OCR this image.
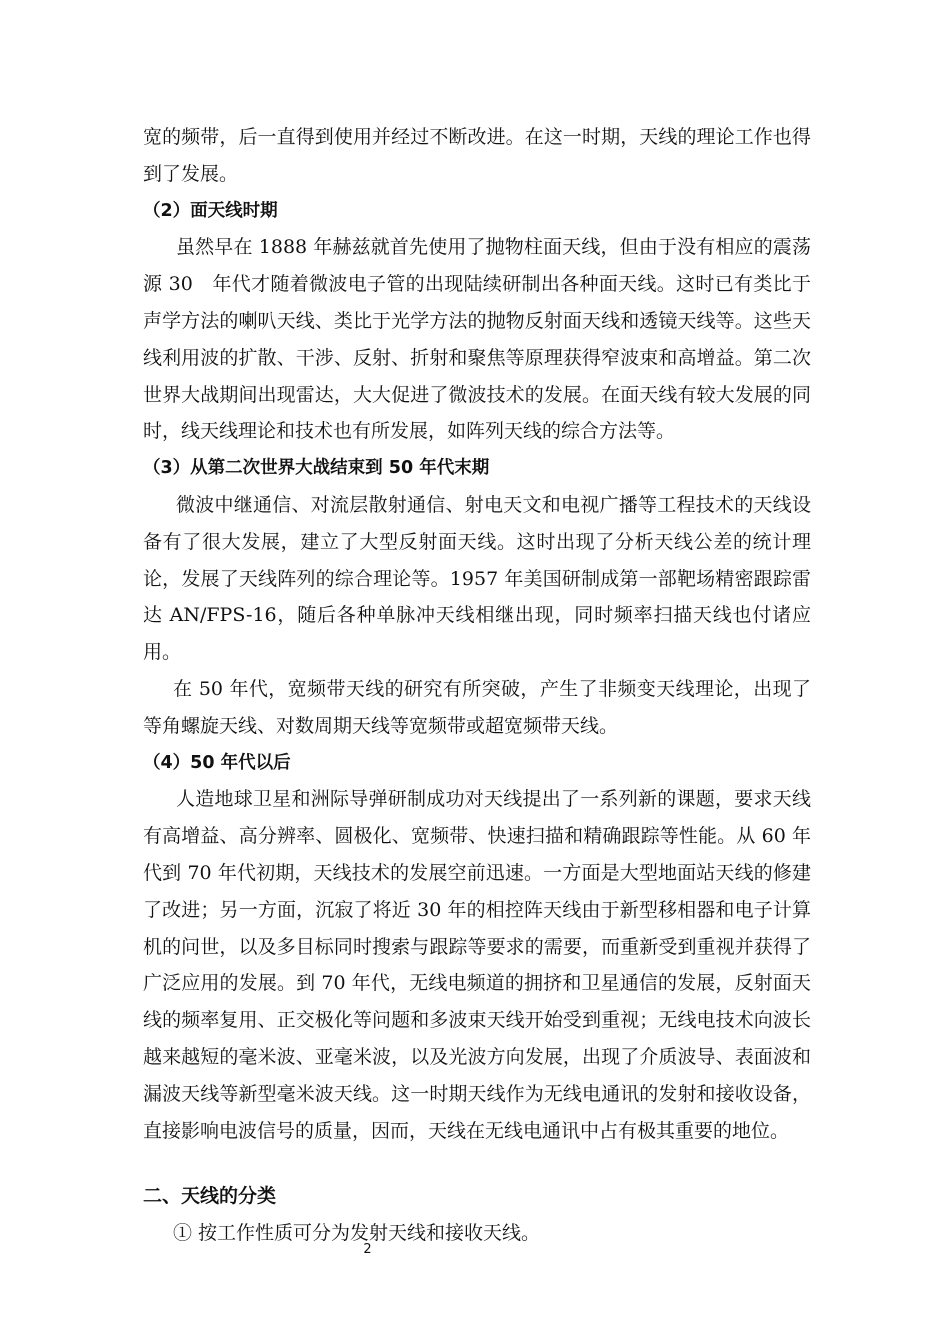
宽的频带，后一直得到使用并经过不断改进。在这一时期，天线的理论工作也得到了发展。

（2）面天线时期

虽然早在 1888 年赫兹就首先使用了抛物柱面天线，但由于没有相应的震荡源 30　年代才随着微波电子管的出现陆续研制出各种面天线。这时已有类比于声学方法的喇叭天线、类比于光学方法的抛物反射面天线和透镜天线等。这些天线利用波的扩散、干涉、反射、折射和聚焦等原理获得窄波束和高增益。第二次世界大战期间出现雷达，大大促进了微波技术的发展。在面天线有较大发展的同时，线天线理论和技术也有所发展，如阵列天线的综合方法等。

（3）从第二次世界大战结束到 50 年代末期

微波中继通信、对流层散射通信、射电天文和电视广播等工程技术的天线设备有了很大发展，建立了大型反射面天线。这时出现了分析天线公差的统计理论，发展了天线阵列的综合理论等。1957 年美国研制成第一部靶场精密跟踪雷达 AN/FPS-16，随后各种单脉冲天线相继出现，同时频率扫描天线也付诸应用。

在 50 年代，宽频带天线的研究有所突破，产生了非频变天线理论，出现了等角螺旋天线、对数周期天线等宽频带或超宽频带天线。

（4）50 年代以后

人造地球卫星和洲际导弹研制成功对天线提出了一系列新的课题，要求天线有高增益、高分辨率、圆极化、宽频带、快速扫描和精确跟踪等性能。从 60 年代到 70 年代初期，天线技术的发展空前迅速。一方面是大型地面站天线的修建了改进；另一方面，沉寂了将近 30 年的相控阵天线由于新型移相器和电子计算机的问世，以及多目标同时搜索与跟踪等要求的需要，而重新受到重视并获得了广泛应用的发展。到 70 年代，无线电频道的拥挤和卫星通信的发展，反射面天线的频率复用、正交极化等问题和多波束天线开始受到重视；无线电技术向波长越来越短的毫米波、亚毫米波，以及光波方向发展，出现了介质波导、表面波和漏波天线等新型毫米波天线。这一时期天线作为无线电通讯的发射和接收设备，直接影响电波信号的质量，因而，天线在无线电通讯中占有极其重要的地位。

二、天线的分类

① 按工作性质可分为发射天线和接收天线。

2
